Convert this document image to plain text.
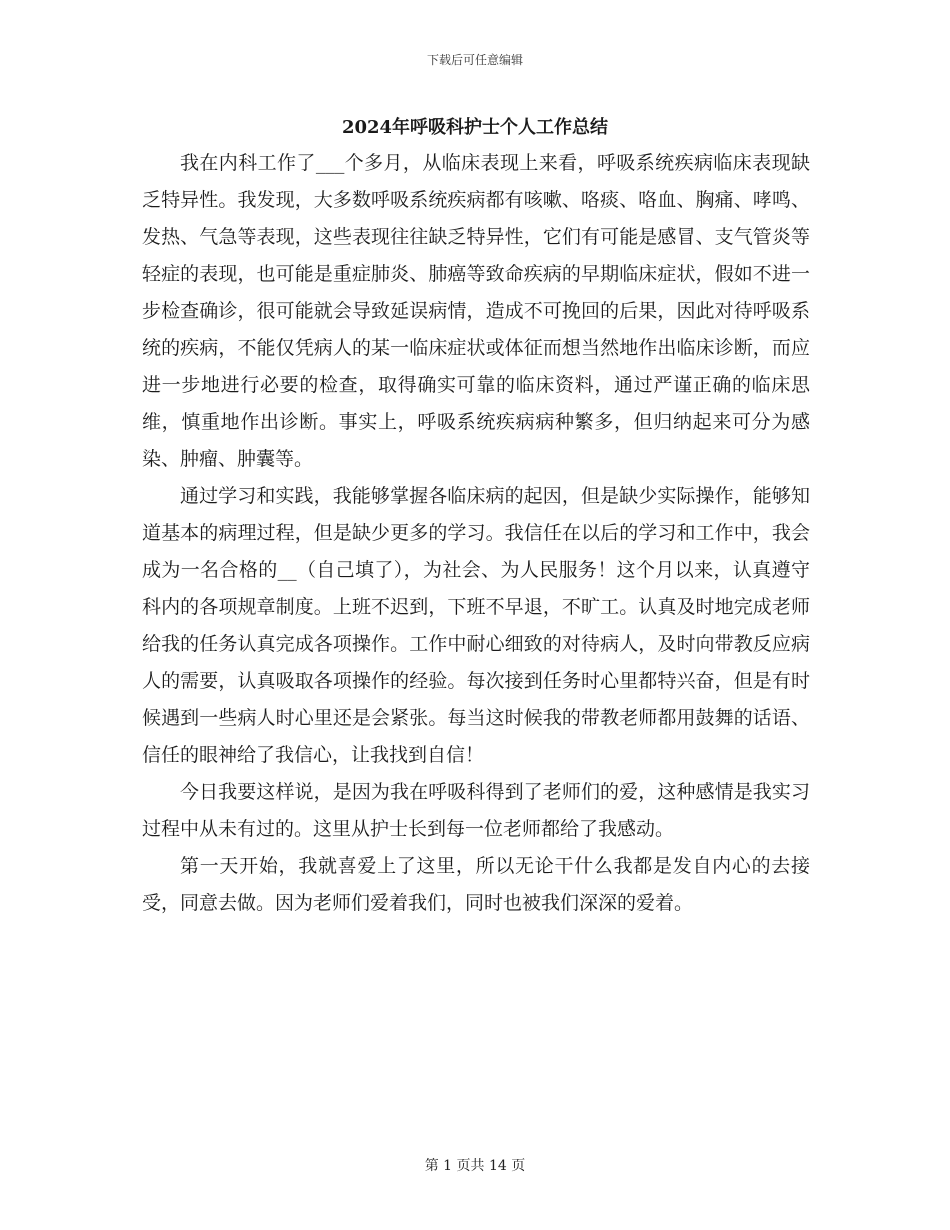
下载后可任意编辑
2024年呼吸科护士个人工作总结

我在内科工作了___个多月，从临床表现上来看，呼吸系统疾病临床表现缺乏特异性。我发现，大多数呼吸系统疾病都有咳嗽、咯痰、咯血、胸痛、哮鸣、发热、气急等表现，这些表现往往缺乏特异性，它们有可能是感冒、支气管炎等轻症的表现，也可能是重症肺炎、肺癌等致命疾病的早期临床症状，假如不进一步检查确诊，很可能就会导致延误病情，造成不可挽回的后果，因此对待呼吸系统的疾病，不能仅凭病人的某一临床症状或体征而想当然地作出临床诊断，而应进一步地进行必要的检查，取得确实可靠的临床资料，通过严谨正确的临床思维，慎重地作出诊断。事实上，呼吸系统疾病病种繁多，但归纳起来可分为感染、肿瘤、肿囊等。

通过学习和实践，我能够掌握各临床病的起因，但是缺少实际操作，能够知道基本的病理过程，但是缺少更多的学习。我信任在以后的学习和工作中，我会成为一名合格的__（自己填了），为社会、为人民服务！这个月以来，认真遵守科内的各项规章制度。上班不迟到，下班不早退，不旷工。认真及时地完成老师给我的任务认真完成各项操作。工作中耐心细致的对待病人，及时向带教反应病人的需要，认真吸取各项操作的经验。每次接到任务时心里都特兴奋，但是有时候遇到一些病人时心里还是会紧张。每当这时候我的带教老师都用鼓舞的话语、信任的眼神给了我信心，让我找到自信！

今日我要这样说，是因为我在呼吸科得到了老师们的爱，这种感情是我实习过程中从未有过的。这里从护士长到每一位老师都给了我感动。

第一天开始，我就喜爱上了这里，所以无论干什么我都是发自内心的去接受，同意去做。因为老师们爱着我们，同时也被我们深深的爱着。

第 1 页共 14 页
